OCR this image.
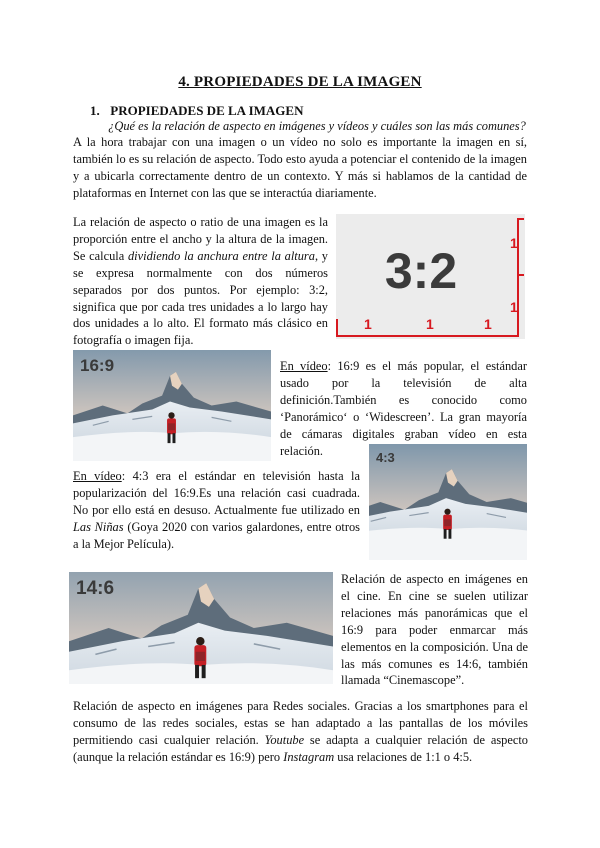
4. PROPIEDADES DE LA IMAGEN
1. PROPIEDADES DE LA IMAGEN
¿Qué es la relación de aspecto en imágenes y vídeos y cuáles son las más comunes?

A la hora trabajar con una imagen o un vídeo no solo es importante la imagen en sí, también lo es su relación de aspecto. Todo esto ayuda a potenciar el contenido de la imagen y a ubicarla correctamente dentro de un contexto. Y más si hablamos de la cantidad de plataformas en Internet con las que se interactúa diariamente.

La relación de aspecto o ratio de una imagen es la proporción entre el ancho y la altura de la imagen. Se calcula dividiendo la anchura entre la altura, y se expresa normalmente con dos números separados por dos puntos. Por ejemplo: 3:2, significa que por cada tres unidades a lo largo hay dos unidades a lo alto. El formato más clásico en fotografía o imagen fija.

3:2	1
1
1	1	1
16:9	En vídeo: 16:9 es el más popular, el estándar usado por la televisión de alta definición.También es conocido como ‘Panorámico‘ o ‘Widescreen’. La gran mayoría de cámaras digitales graban vídeo en esta relación.	4:3

En vídeo: 4:3 era el estándar en televisión hasta la popularización del 16:9.Es una relación casi cuadrada. No por ello está en desuso. Actualmente fue utilizado en Las Niñas (Goya 2020 con varios galardones, entre otros a la Mejor Película).

14:6	Relación de aspecto en imágenes en el cine. En cine se suelen utilizar relaciones más panorámicas que el 16:9 para poder enmarcar más elementos en la composición. Una de las más comunes es 14:6, también llamada “Cinemascope”.

Relación de aspecto en imágenes para Redes sociales. Gracias a los smartphones para el consumo de las redes sociales, estas se han adaptado a las pantallas de los móviles permitiendo casi cualquier relación. Youtube se adapta a cualquier relación de aspecto (aunque la relación estándar es 16:9) pero Instagram usa relaciones de 1:1 o 4:5.
